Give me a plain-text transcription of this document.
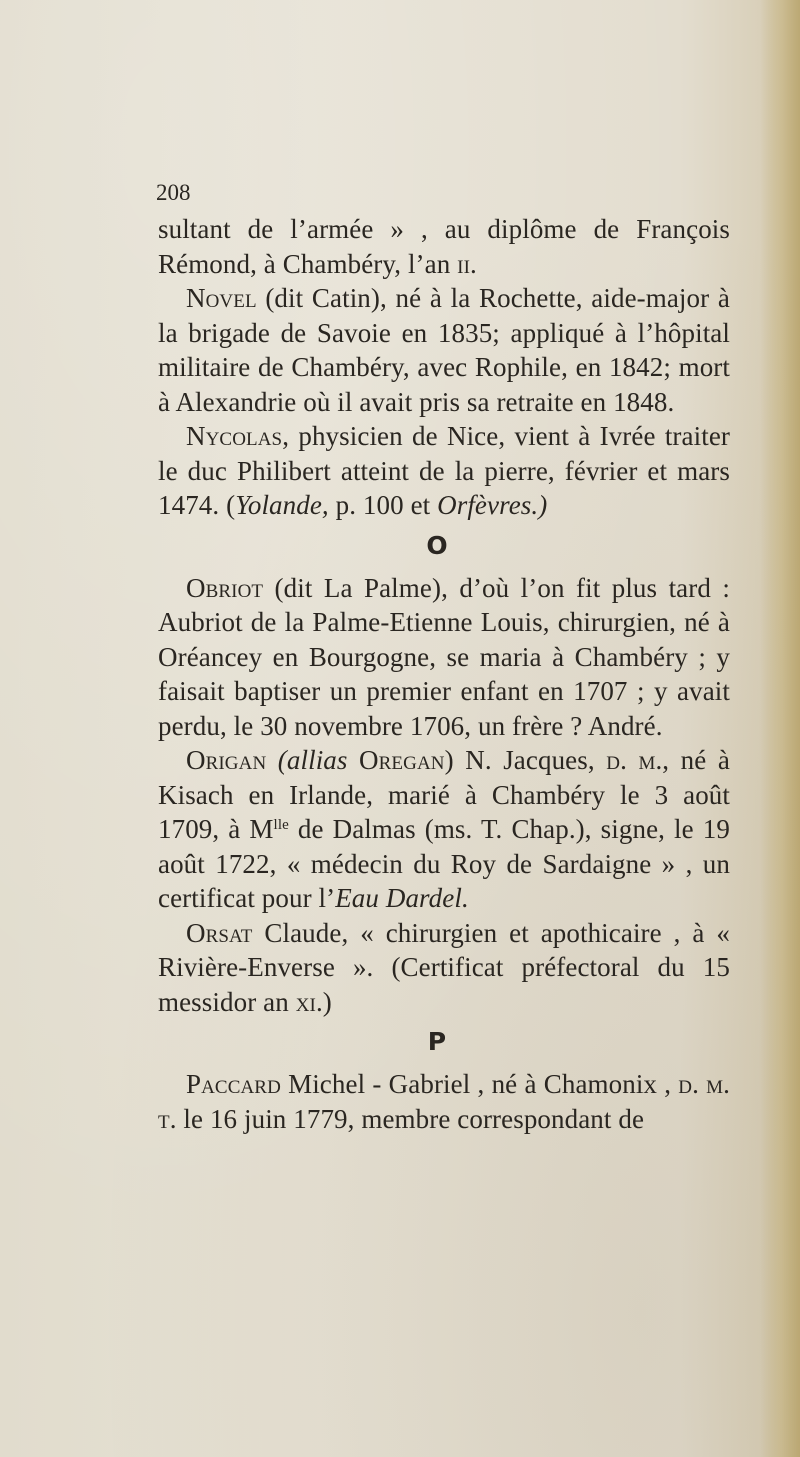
208

sultant de l’armée » , au diplôme de François Rémond, à Chambéry, l’an ii.

Novel (dit Catin), né à la Rochette, aide-major à la brigade de Savoie en 1835; appliqué à l’hôpital militaire de Chambéry, avec Rophile, en 1842; mort à Alexandrie où il avait pris sa retraite en 1848.

Nycolas, physicien de Nice, vient à Ivrée traiter le duc Philibert atteint de la pierre, février et mars 1474. (Yolande, p. 100 et Orfèvres.)

O

Obriot (dit La Palme), d’où l’on fit plus tard : Aubriot de la Palme-Etienne Louis, chirurgien, né à Oréancey en Bourgogne, se maria à Chambéry ; y faisait baptiser un premier enfant en 1707 ; y avait perdu, le 30 novembre 1706, un frère ? André.

Origan (allias Oregan) N. Jacques, d. m., né à Kisach en Irlande, marié à Chambéry le 3 août 1709, à $M^{lle}$ de Dalmas (ms. T. Chap.), signe, le 19 août 1722, « médecin du Roy de Sardaigne » , un certificat pour l’Eau Dardel.

Orsat Claude, « chirurgien et apothicaire , à « Rivière-Enverse ». (Certificat préfectoral du 15 messidor an xi.)

P

Paccard Michel - Gabriel , né à Chamonix , d. m. t. le 16 juin 1779, membre correspondant de
